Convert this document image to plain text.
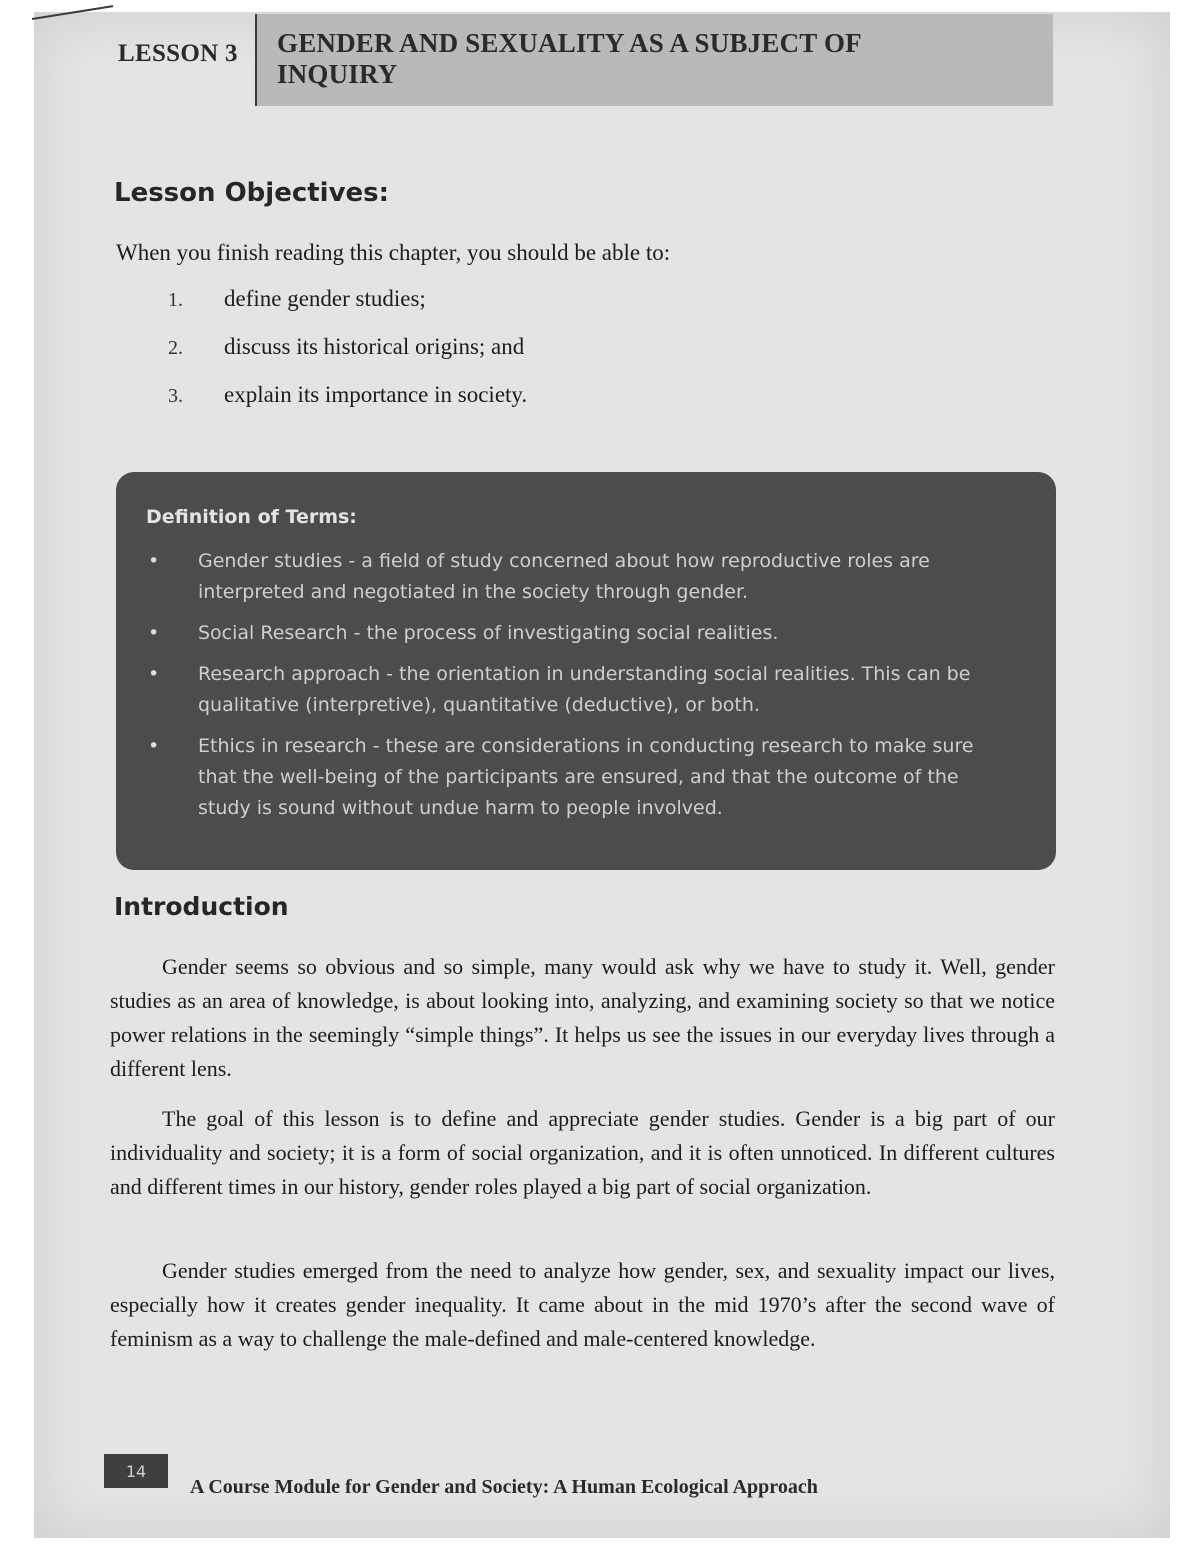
LESSON 3 GENDER AND SEXUALITY AS A SUBJECT OF INQUIRY
Lesson Objectives:
When you finish reading this chapter, you should be able to:
1.	define gender studies;
2.	discuss its historical origins; and
3.	explain its importance in society.
Definition of Terms:
•	Gender studies - a field of study concerned about how reproductive roles are interpreted and negotiated in the society through gender.
•	Social Research - the process of investigating social realities.
•	Research approach - the orientation in understanding social realities. This can be qualitative (interpretive), quantitative (deductive), or both.
•	Ethics in research - these are considerations in conducting research to make sure that the well-being of the participants are ensured, and that the outcome of the study is sound without undue harm to people involved.
Introduction

Gender seems so obvious and so simple, many would ask why we have to study it. Well, gender studies as an area of knowledge, is about looking into, analyzing, and examining society so that we notice power relations in the seemingly “simple things”. It helps us see the issues in our everyday lives through a different lens.

The goal of this lesson is to define and appreciate gender studies. Gender is a big part of our individuality and society; it is a form of social organization, and it is often unnoticed. In different cultures and different times in our history, gender roles played a big part of social organization.

Gender studies emerged from the need to analyze how gender, sex, and sexuality impact our lives, especially how it creates gender inequality. It came about in the mid 1970’s after the second wave of feminism as a way to challenge the male-defined and male-centered knowledge.

14
A Course Module for Gender and Society: A Human Ecological Approach
